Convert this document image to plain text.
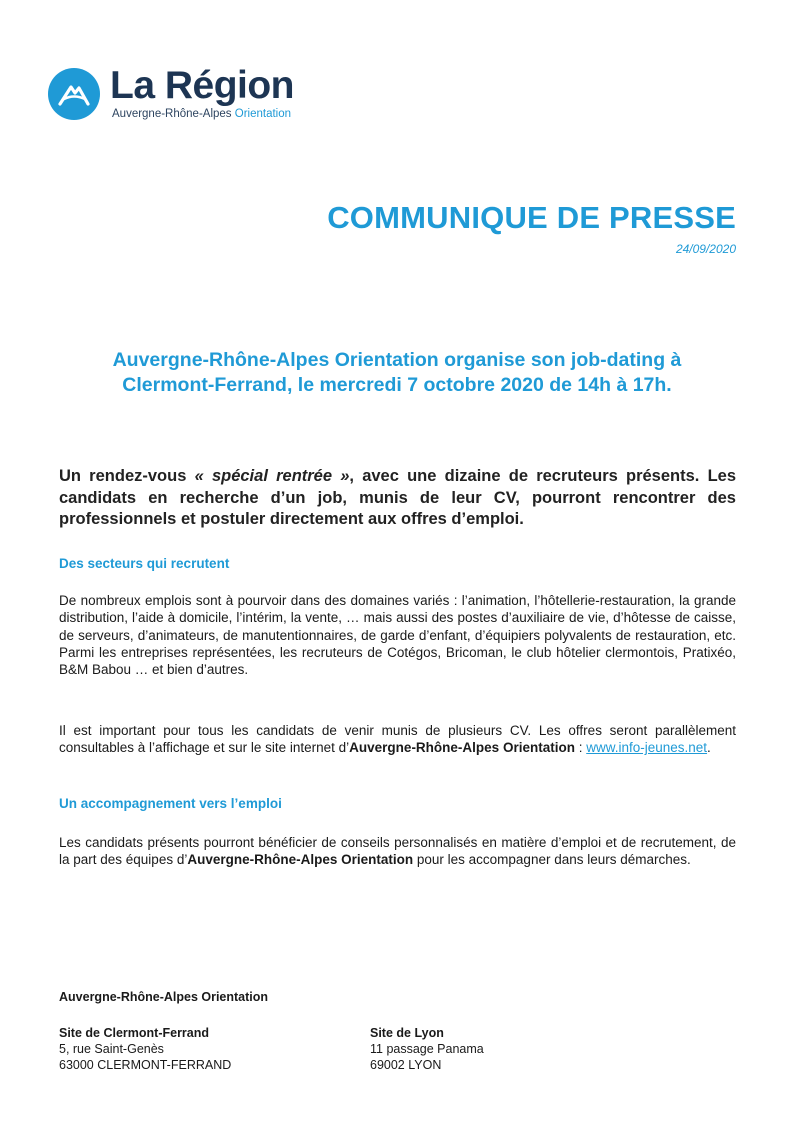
La Région
Auvergne-Rhône-Alpes Orientation
COMMUNIQUE DE PRESSE
24/09/2020
Auvergne-Rhône-Alpes Orientation organise son job-dating à
Clermont-Ferrand, le mercredi 7 octobre 2020 de 14h à 17h.
Un rendez-vous « spécial rentrée », avec une dizaine de recruteurs présents. Les candidats en recherche d’un job, munis de leur CV, pourront rencontrer des professionnels et postuler directement aux offres d’emploi.
Des secteurs qui recrutent
De nombreux emplois sont à pourvoir dans des domaines variés : l’animation, l’hôtellerie-restauration, la grande distribution, l’aide à domicile, l’intérim, la vente, … mais aussi des postes d’auxiliaire de vie, d’hôtesse de caisse, de serveurs, d’animateurs, de manutentionnaires, de garde d’enfant, d’équipiers polyvalents de restauration, etc. Parmi les entreprises représentées, les recruteurs de Cotégos, Bricoman, le club hôtelier clermontois, Pratixéo, B&M Babou … et bien d’autres.
Il est important pour tous les candidats de venir munis de plusieurs CV. Les offres seront parallèlement consultables à l’affichage et sur le site internet d’Auvergne-Rhône-Alpes Orientation : www.info-jeunes.net.
Un accompagnement vers l’emploi
Les candidats présents pourront bénéficier de conseils personnalisés en matière d’emploi et de recrutement, de la part des équipes d’Auvergne-Rhône-Alpes Orientation pour les accompagner dans leurs démarches.
Auvergne-Rhône-Alpes Orientation
Site de Clermont-Ferrand
5, rue Saint-Genès
63000 CLERMONT-FERRAND
Site de Lyon
11 passage Panama
69002 LYON
